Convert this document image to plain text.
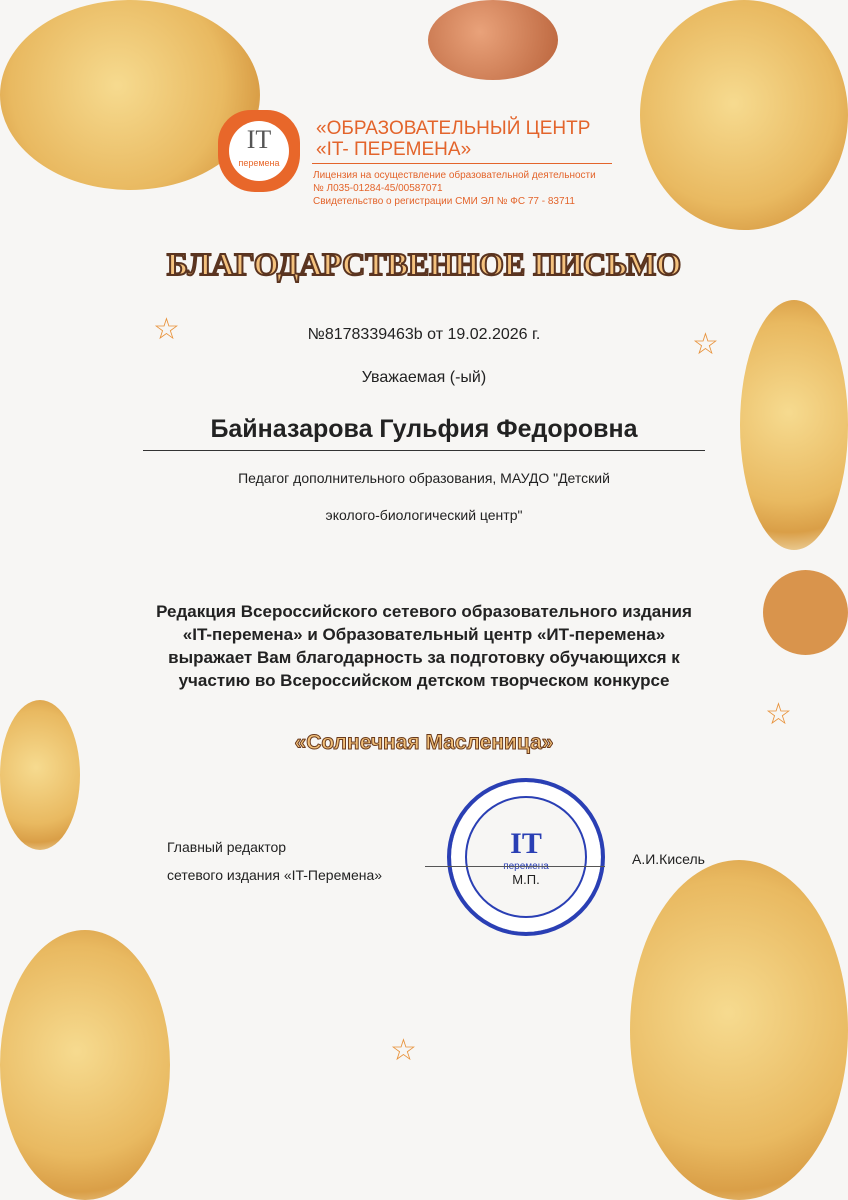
☆	☆
☆
☆
IT
перемена
«ОБРАЗОВАТЕЛЬНЫЙ ЦЕНТР
«IT- ПЕРЕМЕНА»
Лицензия на осуществление образовательной деятельности
№ Л035-01284-45/00587071
Свидетельство о регистрации СМИ ЭЛ № ФС 77 - 83711
БЛАГОДАРСТВЕННОЕ ПИСЬМО
№8178339463b от 19.02.2026 г.
Уважаемая (-ый)
Байназарова Гульфия Федоровна
Педагог дополнительного образования, МАУДО "Детский
эколого-биологический центр"
Редакция Всероссийского сетевого образовательного издания
«IT-перемена» и Образовательный центр «ИТ-перемена»
выражает Вам благодарность за подготовку обучающихся к
участию во Всероссийском детском творческом конкурсе
«Солнечная Масленица»
Главный редактор
сетевого издания «IT-Перемена»
IT
перемена
М.П.
А.И.Кисель
